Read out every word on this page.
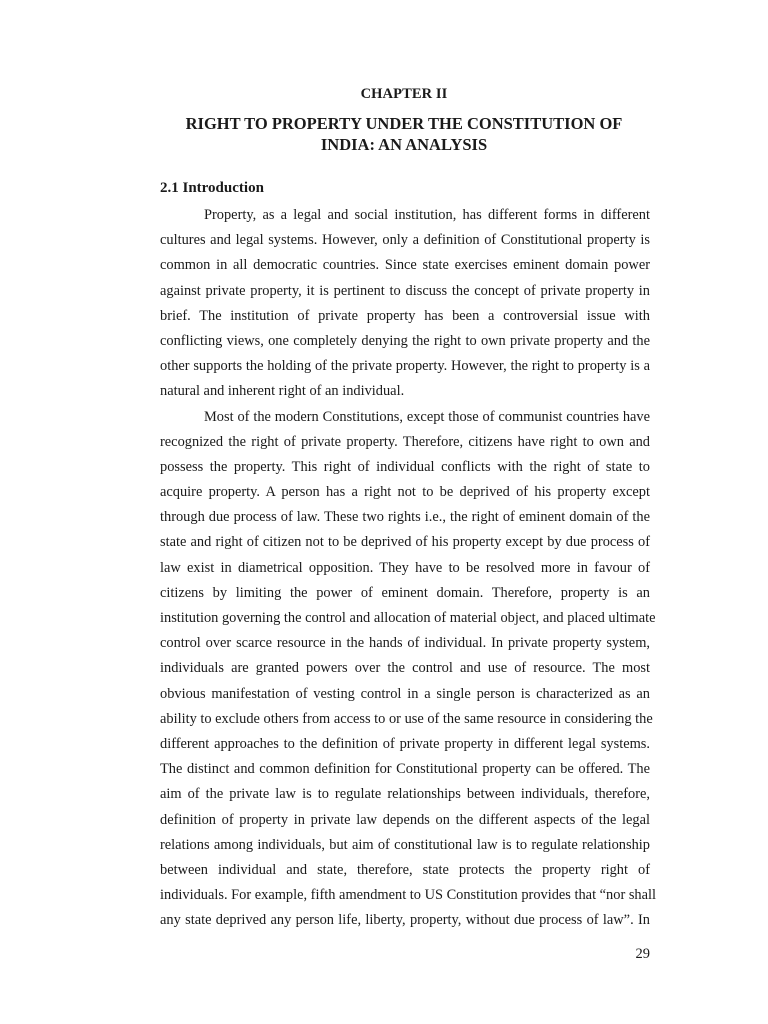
CHAPTER II
RIGHT TO PROPERTY UNDER THE CONSTITUTION OF
INDIA: AN ANALYSIS
2.1 Introduction
Property, as a legal and social institution, has different forms in different
cultures and legal systems. However, only a definition of Constitutional property is
common in all democratic countries. Since state exercises eminent domain power
against private property, it is pertinent to discuss the concept of private property in
brief. The institution of private property has been a controversial issue with
conflicting views, one completely denying the right to own private property and the
other supports the holding of the private property. However, the right to property is a
natural and inherent right of an individual.
Most of the modern Constitutions, except those of communist countries have
recognized the right of private property. Therefore, citizens have right to own and
possess the property. This right of individual conflicts with the right of state to
acquire property. A person has a right not to be deprived of his property except
through due process of law. These two rights i.e., the right of eminent domain of the
state and right of citizen not to be deprived of his property except by due process of
law exist in diametrical opposition. They have to be resolved more in favour of
citizens by limiting the power of eminent domain. Therefore, property is an
institution governing the control and allocation of material object, and placed ultimate
control over scarce resource in the hands of individual. In private property system,
individuals are granted powers over the control and use of resource. The most
obvious manifestation of vesting control in a single person is characterized as an
ability to exclude others from access to or use of the same resource in considering the
different approaches to the definition of private property in different legal systems.
The distinct and common definition for Constitutional property can be offered. The
aim of the private law is to regulate relationships between individuals, therefore,
definition of property in private law depends on the different aspects of the legal
relations among individuals, but aim of constitutional law is to regulate relationship
between individual and state, therefore, state protects the property right of
individuals. For example, fifth amendment to US Constitution provides that “nor shall
any state deprived any person life, liberty, property, without due process of law”. In
29
